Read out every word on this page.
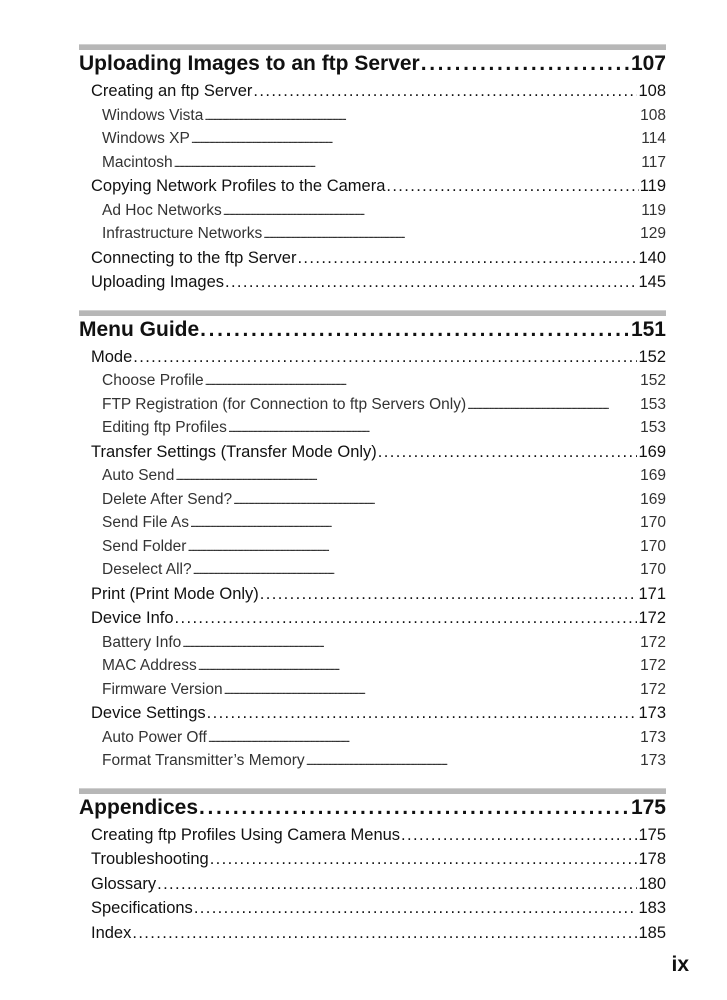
Uploading Images to an ftp Server . . .	107
Creating an ftp Server . . .	108
Windows Vista . . .	108
Windows XP . . .	114
Macintosh . . .	117
Copying Network Profiles to the Camera . . .	119
Ad Hoc Networks . . .	119
Infrastructure Networks . . .	129
Connecting to the ftp Server . . .	140
Uploading Images . . .	145
Menu Guide . . .	151
Mode . . .	152
Choose Profile . . .	152
FTP Registration (for Connection to ftp Servers Only) . . .	153
Editing ftp Profiles . . .	153
Transfer Settings (Transfer Mode Only) . . .	169
Auto Send . . .	169
Delete After Send? . . .	169
Send File As . . .	170
Send Folder . . .	170
Deselect All? . . .	170
Print (Print Mode Only) . . .	171
Device Info . . .	172
Battery Info . . .	172
MAC Address . . .	172
Firmware Version . . .	172
Device Settings . . .	173
Auto Power Off . . .	173
Format Transmitter’s Memory . . .	173
Appendices . . .	175
Creating ftp Profiles Using Camera Menus . . .	175
Troubleshooting . . .	178
Glossary . . .	180
Specifications . . .	183
Index . . .	185
ix
